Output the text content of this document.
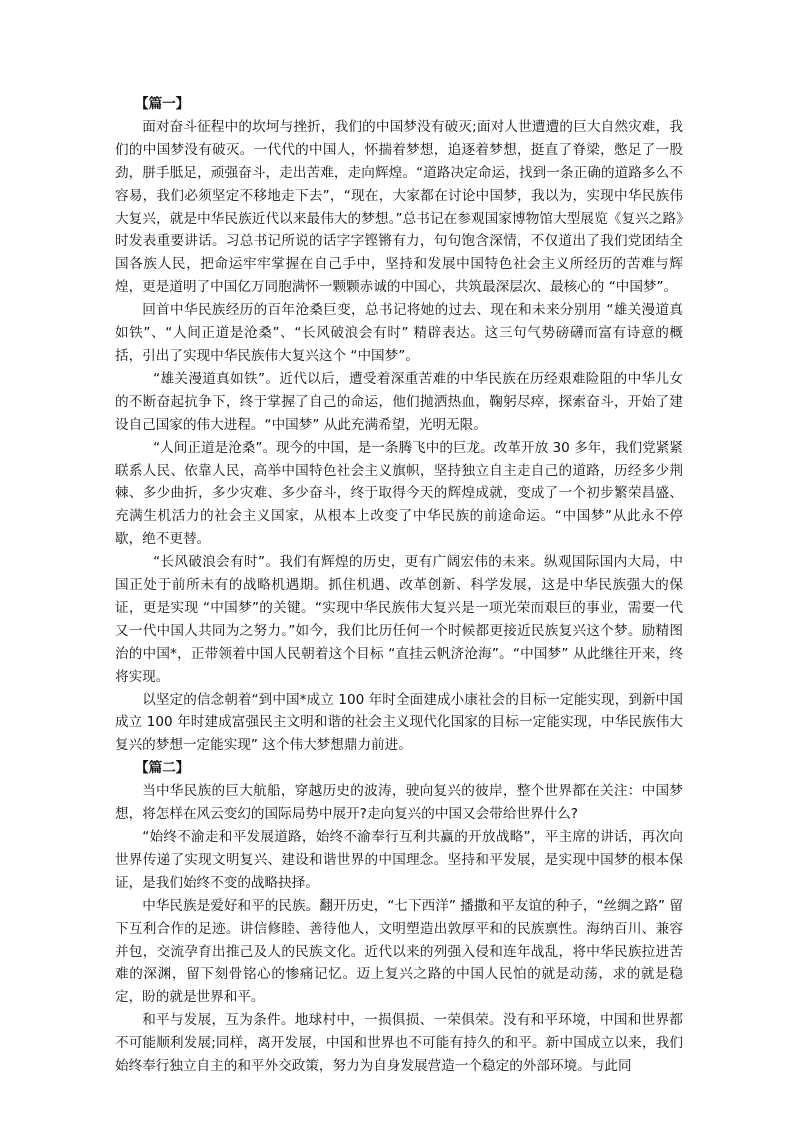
【篇一】

面对奋斗征程中的坎坷与挫折，我们的中国梦没有破灭;面对人世遭遭的巨大自然灾难，我们的中国梦没有破灭。一代代的中国人，怀揣着梦想，追逐着梦想，挺直了脊梁，憋足了一股劲，胼手胝足，顽强奋斗，走出苦难，走向辉煌。“道路决定命运，找到一条正确的道路多么不容易，我们必须坚定不移地走下去”，“现在，大家都在讨论中国梦，我以为，实现中华民族伟大复兴，就是中华民族近代以来最伟大的梦想。”总书记在参观国家博物馆大型展览《复兴之路》时发表重要讲话。习总书记所说的话字字铿锵有力，句句饱含深情，不仅道出了我们党团结全国各族人民，把命运牢牢掌握在自己手中，坚持和发展中国特色社会主义所经历的苦难与辉煌，更是道明了中国亿万同胞满怀一颗颗赤诚的中国心，共筑最深层次、最核心的 “中国梦”。

回首中华民族经历的百年沧桑巨变，总书记将她的过去、现在和未来分别用 “雄关漫道真如铁”、“人间正道是沧桑”、“长风破浪会有时” 精辟表达。这三句气势磅礴而富有诗意的概括，引出了实现中华民族伟大复兴这个 “中国梦”。

“雄关漫道真如铁”。近代以后，遭受着深重苦难的中华民族在历经艰难险阻的中华儿女的不断奋起抗争下，终于掌握了自己的命运，他们抛洒热血，鞠躬尽瘁，探索奋斗，开始了建设自己国家的伟大进程。“中国梦” 从此充满希望，光明无限。

“人间正道是沧桑”。现今的中国，是一条腾飞中的巨龙。改革开放 30 多年，我们党紧紧联系人民、依靠人民，高举中国特色社会主义旗帜，坚持独立自主走自己的道路，历经多少荆棘、多少曲折，多少灾难、多少奋斗，终于取得今天的辉煌成就，变成了一个初步繁荣昌盛、充满生机活力的社会主义国家，从根本上改变了中华民族的前途命运。“中国梦”从此永不停歇，绝不更替。

“长风破浪会有时”。我们有辉煌的历史，更有广阔宏伟的未来。纵观国际国内大局，中国正处于前所未有的战略机遇期。抓住机遇、改革创新、科学发展，这是中华民族强大的保证，更是实现 “中国梦”的关键。“实现中华民族伟大复兴是一项光荣而艰巨的事业，需要一代又一代中国人共同为之努力。”如今，我们比历任何一个时候都更接近民族复兴这个梦。励精图治的中国*，正带领着中国人民朝着这个目标 “直挂云帆济沧海”。“中国梦” 从此继往开来，终将实现。

以坚定的信念朝着“到中国*成立 100 年时全面建成小康社会的目标一定能实现，到新中国成立 100 年时建成富强民主文明和谐的社会主义现代化国家的目标一定能实现，中华民族伟大复兴的梦想一定能实现” 这个伟大梦想鼎力前进。

【篇二】

当中华民族的巨大航船，穿越历史的波涛，驶向复兴的彼岸，整个世界都在关注：中国梦想，将怎样在风云变幻的国际局势中展开?走向复兴的中国又会带给世界什么?

“始终不渝走和平发展道路，始终不渝奉行互利共赢的开放战略”，平主席的讲话，再次向世界传递了实现文明复兴、建设和谐世界的中国理念。坚持和平发展，是实现中国梦的根本保证，是我们始终不变的战略抉择。

中华民族是爱好和平的民族。翻开历史，“七下西洋” 播撒和平友谊的种子，“丝绸之路” 留下互利合作的足迹。讲信修睦、善待他人，文明塑造出敦厚平和的民族禀性。海纳百川、兼容并包，交流孕育出推己及人的民族文化。近代以来的列强入侵和连年战乱，将中华民族拉进苦难的深渊，留下刻骨铭心的惨痛记忆。迈上复兴之路的中国人民怕的就是动荡，求的就是稳定，盼的就是世界和平。

和平与发展，互为条件。地球村中，一损俱损、一荣俱荣。没有和平环境，中国和世界都不可能顺利发展;同样，离开发展，中国和世界也不可能有持久的和平。新中国成立以来，我们始终奉行独立自主的和平外交政策，努力为自身发展营造一个稳定的外部环境。与此同
